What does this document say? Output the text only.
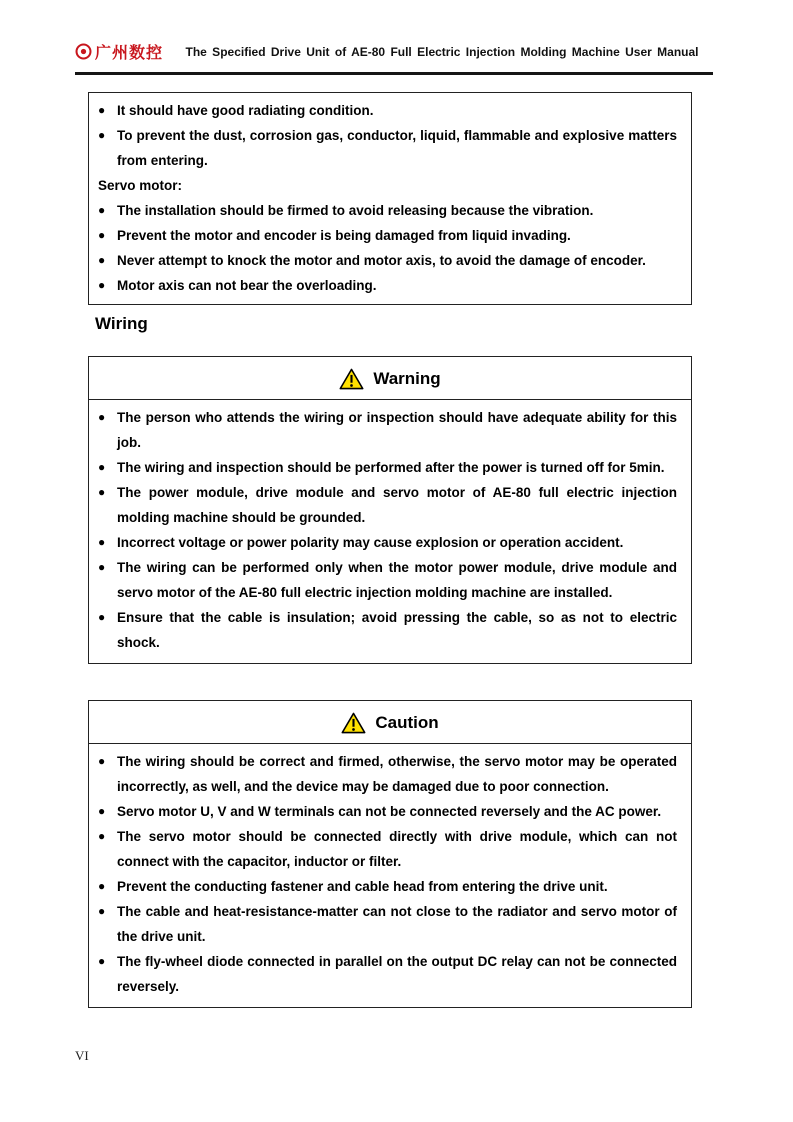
广州数控	The Specified Drive Unit of AE-80 Full Electric Injection Molding Machine User Manual
● It should have good radiating condition.
● To prevent the dust, corrosion gas, conductor, liquid, flammable and explosive matters from entering.
Servo motor:
● The installation should be firmed to avoid releasing because the vibration.
● Prevent the motor and encoder is being damaged from liquid invading.
● Never attempt to knock the motor and motor axis, to avoid the damage of encoder.
● Motor axis can not bear the overloading.
Wiring
Warning
● The person who attends the wiring or inspection should have adequate ability for this job.
● The wiring and inspection should be performed after the power is turned off for 5min.
● The power module, drive module and servo motor of AE-80 full electric injection molding machine should be grounded.
● Incorrect voltage or power polarity may cause explosion or operation accident.
● The wiring can be performed only when the motor power module, drive module and servo motor of the AE-80 full electric injection molding machine are installed.
● Ensure that the cable is insulation; avoid pressing the cable, so as not to electric shock.
Caution
● The wiring should be correct and firmed, otherwise, the servo motor may be operated incorrectly, as well, and the device may be damaged due to poor connection.
● Servo motor U, V and W terminals can not be connected reversely and the AC power.
● The servo motor should be connected directly with drive module, which can not connect with the capacitor, inductor or filter.
● Prevent the conducting fastener and cable head from entering the drive unit.
● The cable and heat-resistance-matter can not close to the radiator and servo motor of the drive unit.
● The fly-wheel diode connected in parallel on the output DC relay can not be connected reversely.
VI
